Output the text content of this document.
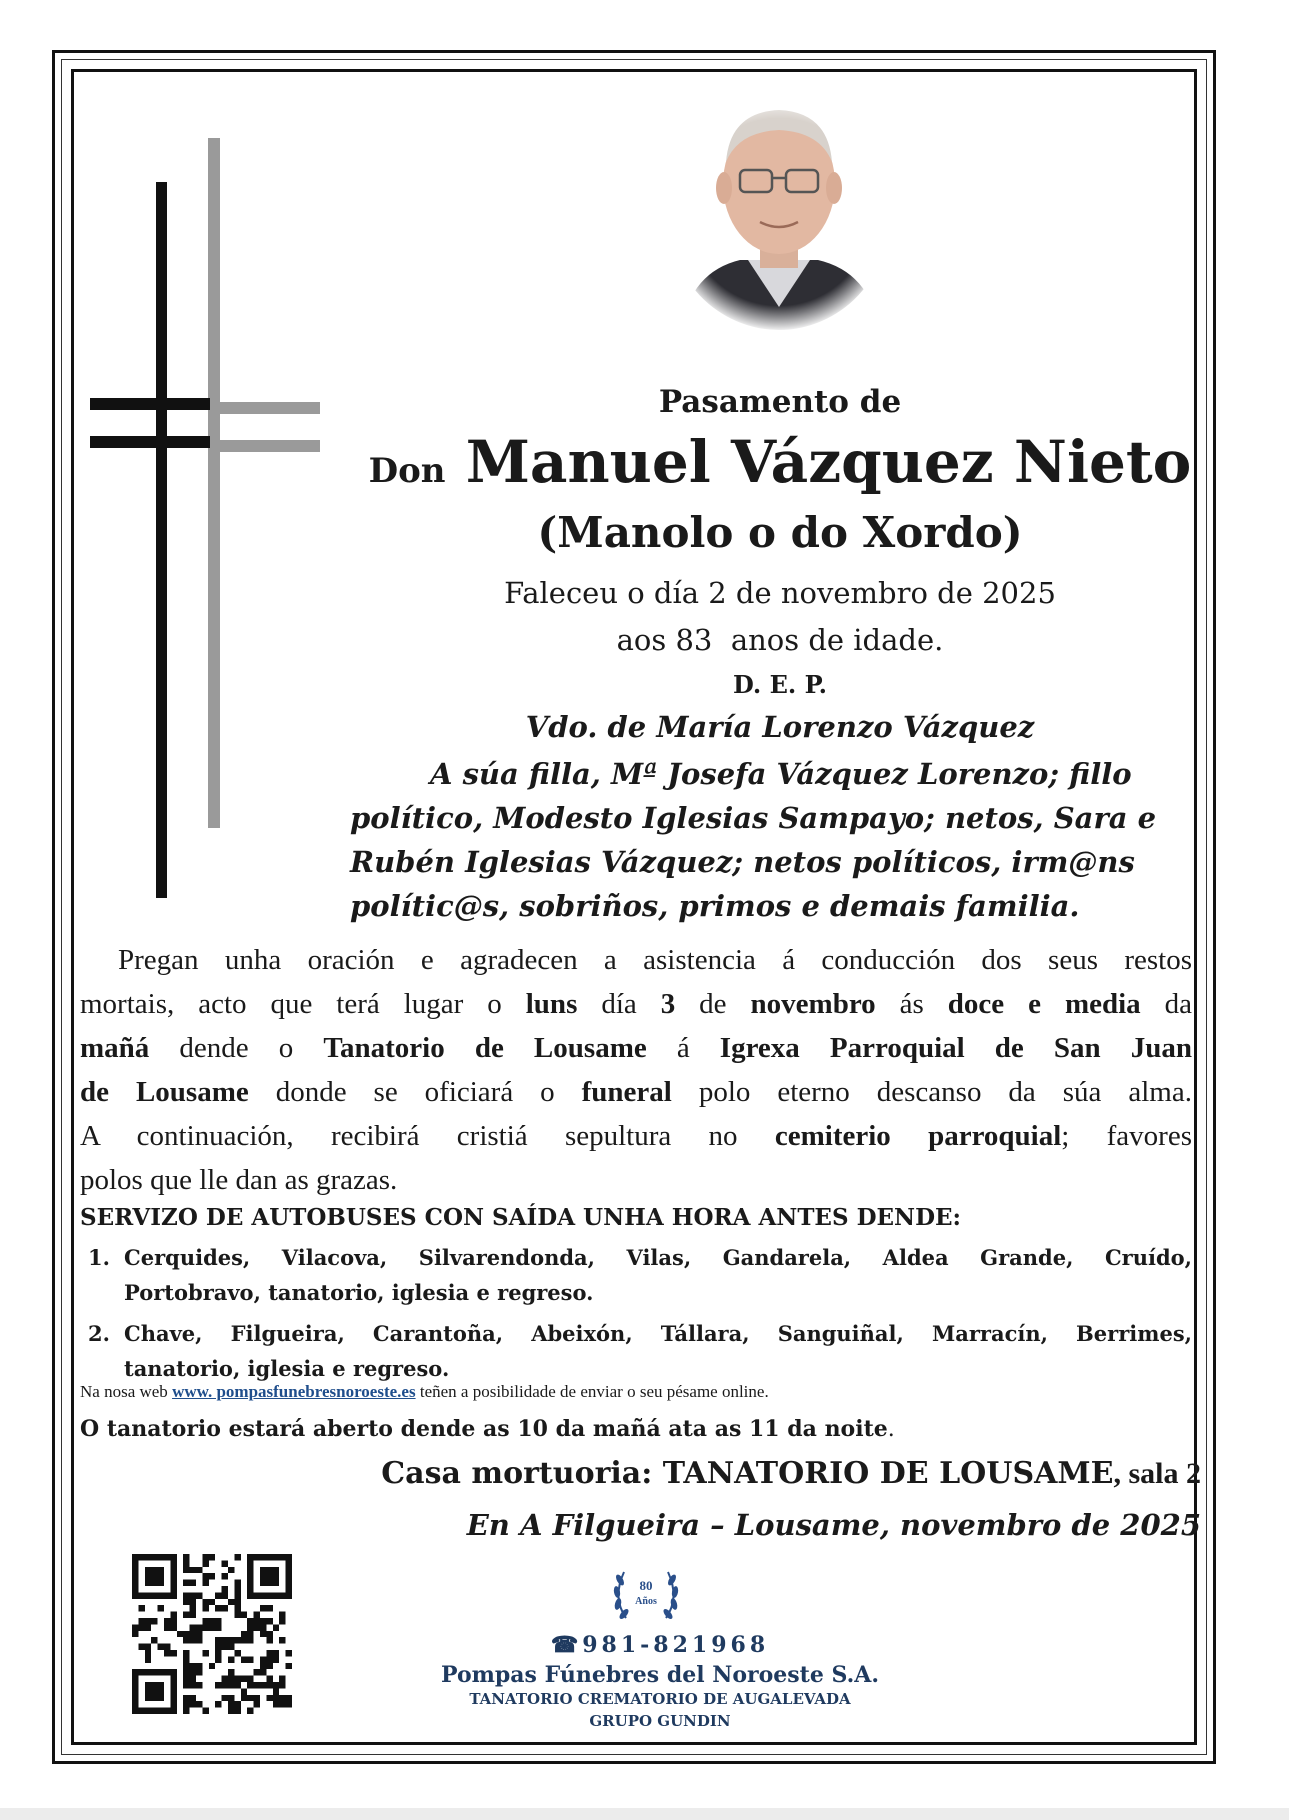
Pasamento de
Don Manuel Vázquez Nieto
(Manolo o do Xordo)
Faleceu o día 2 de novembro de 2025
aos 83  anos de idade.
D. E. P.
Vdo. de María Lorenzo Vázquez
A súa filla, Mª Josefa Vázquez Lorenzo; fillo
político, Modesto Iglesias Sampayo; netos, Sara e
Rubén Iglesias Vázquez; netos políticos, irm@ns
polític@s, sobriños, primos e demais familia.
Pregan unha oración e agradecen a asistencia á conducción dos seus restos
mortais, acto que terá lugar o luns día 3 de novembro ás doce e media da
mañá dende o Tanatorio de Lousame á Igrexa Parroquial de San Juan
de Lousame donde se oficiará o funeral polo eterno descanso da súa alma.
A continuación, recibirá cristiá sepultura no cemiterio parroquial; favores
polos que lle dan as grazas.
SERVIZO DE AUTOBUSES CON SAÍDA UNHA HORA ANTES DENDE:
1. Cerquides, Vilacova, Silvarendonda, Vilas, Gandarela, Aldea Grande, Cruído,
Portobravo, tanatorio, iglesia e regreso.
2. Chave, Filgueira, Carantoña, Abeixón, Tállara, Sanguiñal, Marracín, Berrimes,
tanatorio, iglesia e regreso.
Na nosa web www. pompasfunebresnoroeste.es teñen a posibilidade de enviar o seu pésame online.
O tanatorio estará aberto dende as 10 da mañá ata as 11 da noite.
Casa mortuoria: TANATORIO DE LOUSAME, sala 2
En A Filgueira – Lousame, novembro de 2025
80
Años
☎981-821968
Pompas Fúnebres del Noroeste S.A.
TANATORIO CREMATORIO DE AUGALEVADA
GRUPO GUNDIN
